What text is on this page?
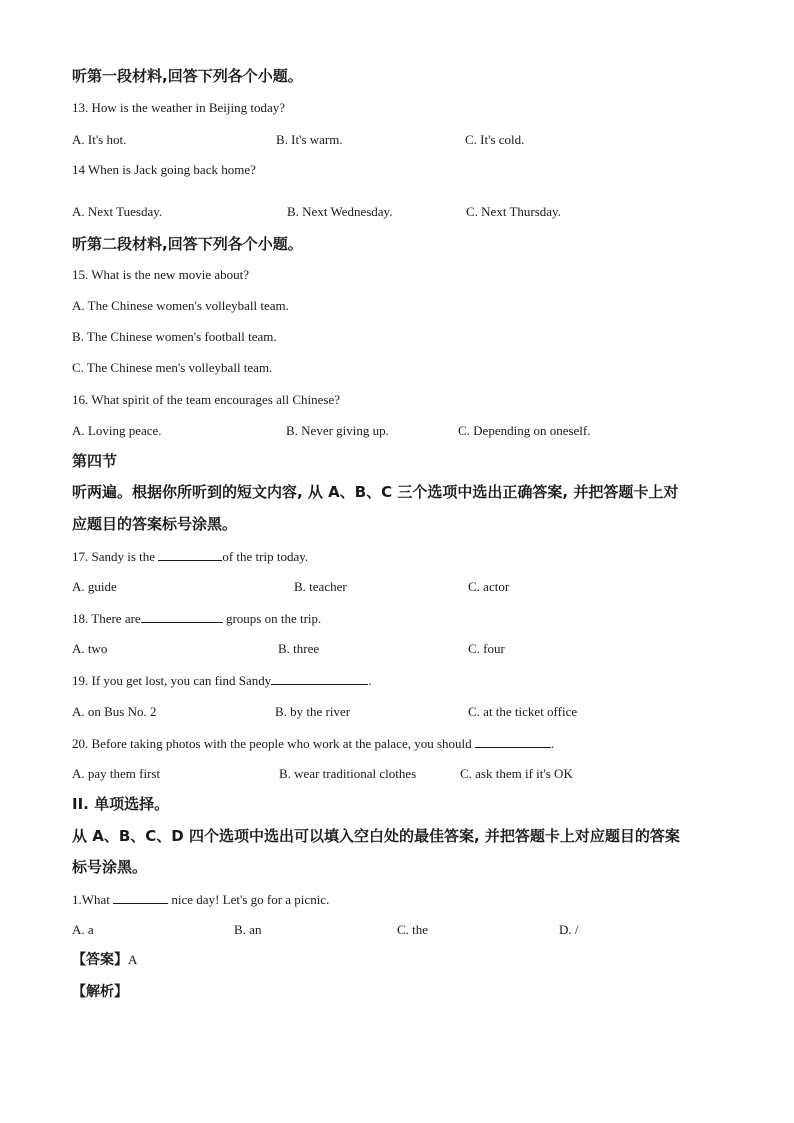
听第一段材料,回答下列各个小题。
13. How is the weather in Beijing today?
A. It's hot.	B. It's warm.	C. It's cold.
14 When is Jack going back home?
A. Next Tuesday.	B. Next Wednesday.	C. Next Thursday.
听第二段材料,回答下列各个小题。
15. What is the new movie about?
A. The Chinese women's volleyball team.
B. The Chinese women's football team.
C. The Chinese men's volleyball team.
16. What spirit of the team encourages all Chinese?
A. Loving peace.	B. Never giving up.	C. Depending on oneself.
第四节
听两遍。根据你所听到的短文内容, 从 A、B、C 三个选项中选出正确答案, 并把答题卡上对
应题目的答案标号涂黑。
17. Sandy is the	of the trip today.
A. guide	B. teacher	C. actor
18. There are	groups on the trip.
A. two	B. three	C. four
19. If you get lost, you can find Sandy	.
A. on Bus No. 2	B. by the river	C. at the ticket office
20. Before taking photos with the people who work at the palace, you should	.
A. pay them first	B. wear traditional clothes	C. ask them if it's OK
II. 单项选择。
从 A、B、C、D 四个选项中选出可以填入空白处的最佳答案, 并把答题卡上对应题目的答案
标号涂黑。
1.What	nice day! Let's go for a picnic.
A. a	B. an	C. the	D. /
【答案】A
【解析】
